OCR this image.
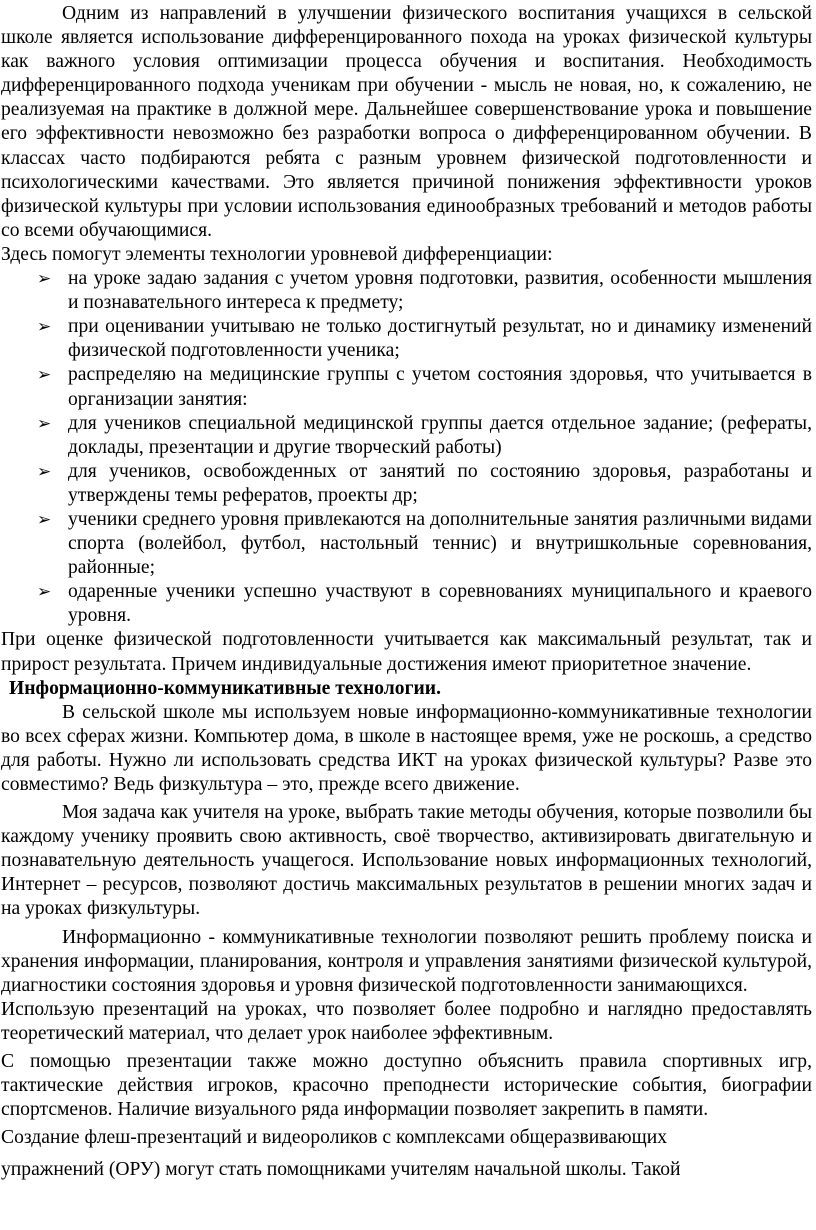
Одним из направлений в улучшении физического воспитания учащихся в сельской школе является использование дифференцированного похода на уроках физической культуры как важного условия оптимизации процесса обучения и воспитания. Необходимость дифференцированного подхода ученикам при обучении - мысль не новая, но, к сожалению, не реализуемая на практике в должной мере. Дальнейшее совершенствование урока и повышение его эффективности невозможно без разработки вопроса о дифференцированном обучении. В классах часто подбираются ребята с разным уровнем физической подготовленности и психологическими качествами. Это является причиной понижения эффективности уроков физической культуры при условии использования единообразных требований и методов работы со всеми обучающимися.

Здесь помогут элементы технологии уровневой дифференциации:

➢ на уроке задаю задания с учетом уровня подготовки, развития, особенности мышления и познавательного интереса к предмету;
➢ при оценивании учитываю не только достигнутый результат, но и динамику изменений физической подготовленности ученика;
➢ распределяю на медицинские группы с учетом состояния здоровья, что учитывается в организации занятия:
➢ для учеников специальной медицинской группы дается отдельное задание; (рефераты, доклады, презентации и другие творческий работы)
➢ для учеников, освобожденных от занятий по состоянию здоровья, разработаны и утверждены темы рефератов, проекты др;
➢ ученики среднего уровня привлекаются на дополнительные занятия различными видами спорта (волейбол, футбол, настольный теннис) и внутришкольные соревнования, районные;
➢ одаренные ученики успешно участвуют в соревнованиях муниципального и краевого уровня.

При оценке физической подготовленности учитывается как максимальный результат, так и прирост результата. Причем индивидуальные достижения имеют приоритетное значение.

Информационно-коммуникативные технологии.

В сельской школе мы используем новые информационно-коммуникативные технологии во всех сферах жизни. Компьютер дома, в школе в настоящее время, уже не роскошь, а средство для работы. Нужно ли использовать средства ИКТ на уроках физической культуры? Разве это совместимо? Ведь физкультура – это, прежде всего движение.

Моя задача как учителя на уроке, выбрать такие методы обучения, которые позволили бы каждому ученику проявить свою активность, своё творчество, активизировать двигательную и познавательную деятельность учащегося. Использование новых информационных технологий, Интернет – ресурсов, позволяют достичь максимальных результатов в решении многих задач и на уроках физкультуры.

Информационно - коммуникативные технологии позволяют решить проблему поиска и хранения информации, планирования, контроля и управления занятиями физической культурой, диагностики состояния здоровья и уровня физической подготовленности занимающихся.

Использую презентаций на уроках, что позволяет более подробно и наглядно предоставлять теоретический материал, что делает урок наиболее эффективным.

С помощью презентации также можно доступно объяснить правила спортивных игр, тактические действия игроков, красочно преподнести исторические события, биографии спортсменов. Наличие визуального ряда информации позволяет закрепить в памяти.

Создание флеш-презентаций и видеороликов с комплексами общеразвивающих

упражнений (ОРУ) могут стать помощниками учителям начальной школы. Такой
